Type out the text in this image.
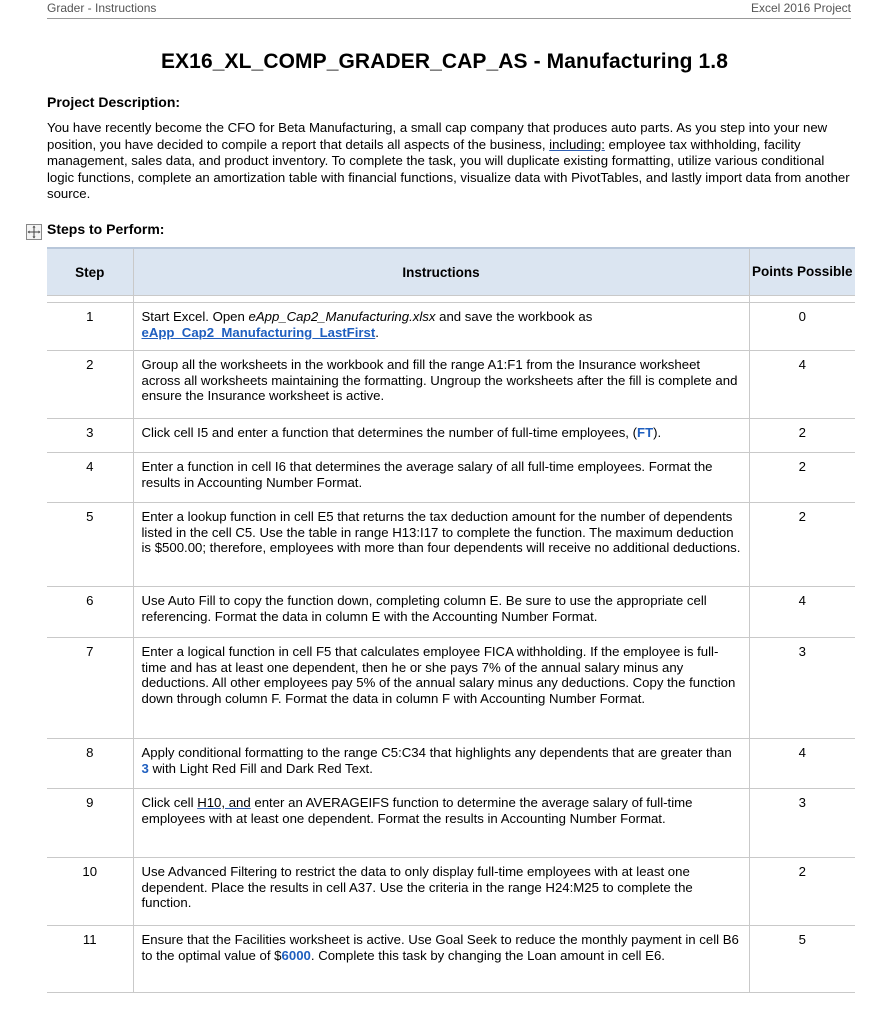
Grader - Instructions	Excel 2016 Project
EX16_XL_COMP_GRADER_CAP_AS - Manufacturing 1.8
Project Description:
You have recently become the CFO for Beta Manufacturing, a small cap company that produces auto parts. As you step into your new position, you have decided to compile a report that details all aspects of the business, including: employee tax withholding, facility management, sales data, and product inventory. To complete the task, you will duplicate existing formatting, utilize various conditional logic functions, complete an amortization table with financial functions, visualize data with PivotTables, and lastly import data from another source.
Steps to Perform:
Step	Instructions	Points Possible

1	Start Excel. Open eApp_Cap2_Manufacturing.xlsx and save the workbook as
eApp_Cap2_Manufacturing_LastFirst.	0
2	Group all the worksheets in the workbook and fill the range A1:F1 from the Insurance worksheet across all worksheets maintaining the formatting. Ungroup the worksheets after the fill is complete and ensure the Insurance worksheet is active.	4
3	Click cell I5 and enter a function that determines the number of full-time employees, (FT).	2
4	Enter a function in cell I6 that determines the average salary of all full-time employees. Format the results in Accounting Number Format.	2
5	Enter a lookup function in cell E5 that returns the tax deduction amount for the number of dependents listed in the cell C5. Use the table in range H13:I17 to complete the function. The maximum deduction is $500.00; therefore, employees with more than four dependents will receive no additional deductions.	2
6	Use Auto Fill to copy the function down, completing column E. Be sure to use the appropriate cell referencing. Format the data in column E with the Accounting Number Format.	4
7	Enter a logical function in cell F5 that calculates employee FICA withholding. If the employee is full-time and has at least one dependent, then he or she pays 7% of the annual salary minus any deductions. All other employees pay 5% of the annual salary minus any deductions. Copy the function down through column F. Format the data in column F with Accounting Number Format.	3
8	Apply conditional formatting to the range C5:C34 that highlights any dependents that are greater than 3 with Light Red Fill and Dark Red Text.	4
9	Click cell H10, and enter an AVERAGEIFS function to determine the average salary of full-time employees with at least one dependent. Format the results in Accounting Number Format.	3
10	Use Advanced Filtering to restrict the data to only display full-time employees with at least one dependent. Place the results in cell A37. Use the criteria in the range H24:M25 to complete the function.	2
11	Ensure that the Facilities worksheet is active. Use Goal Seek to reduce the monthly payment in cell B6 to the optimal value of $6000. Complete this task by changing the Loan amount in cell E6.	5
